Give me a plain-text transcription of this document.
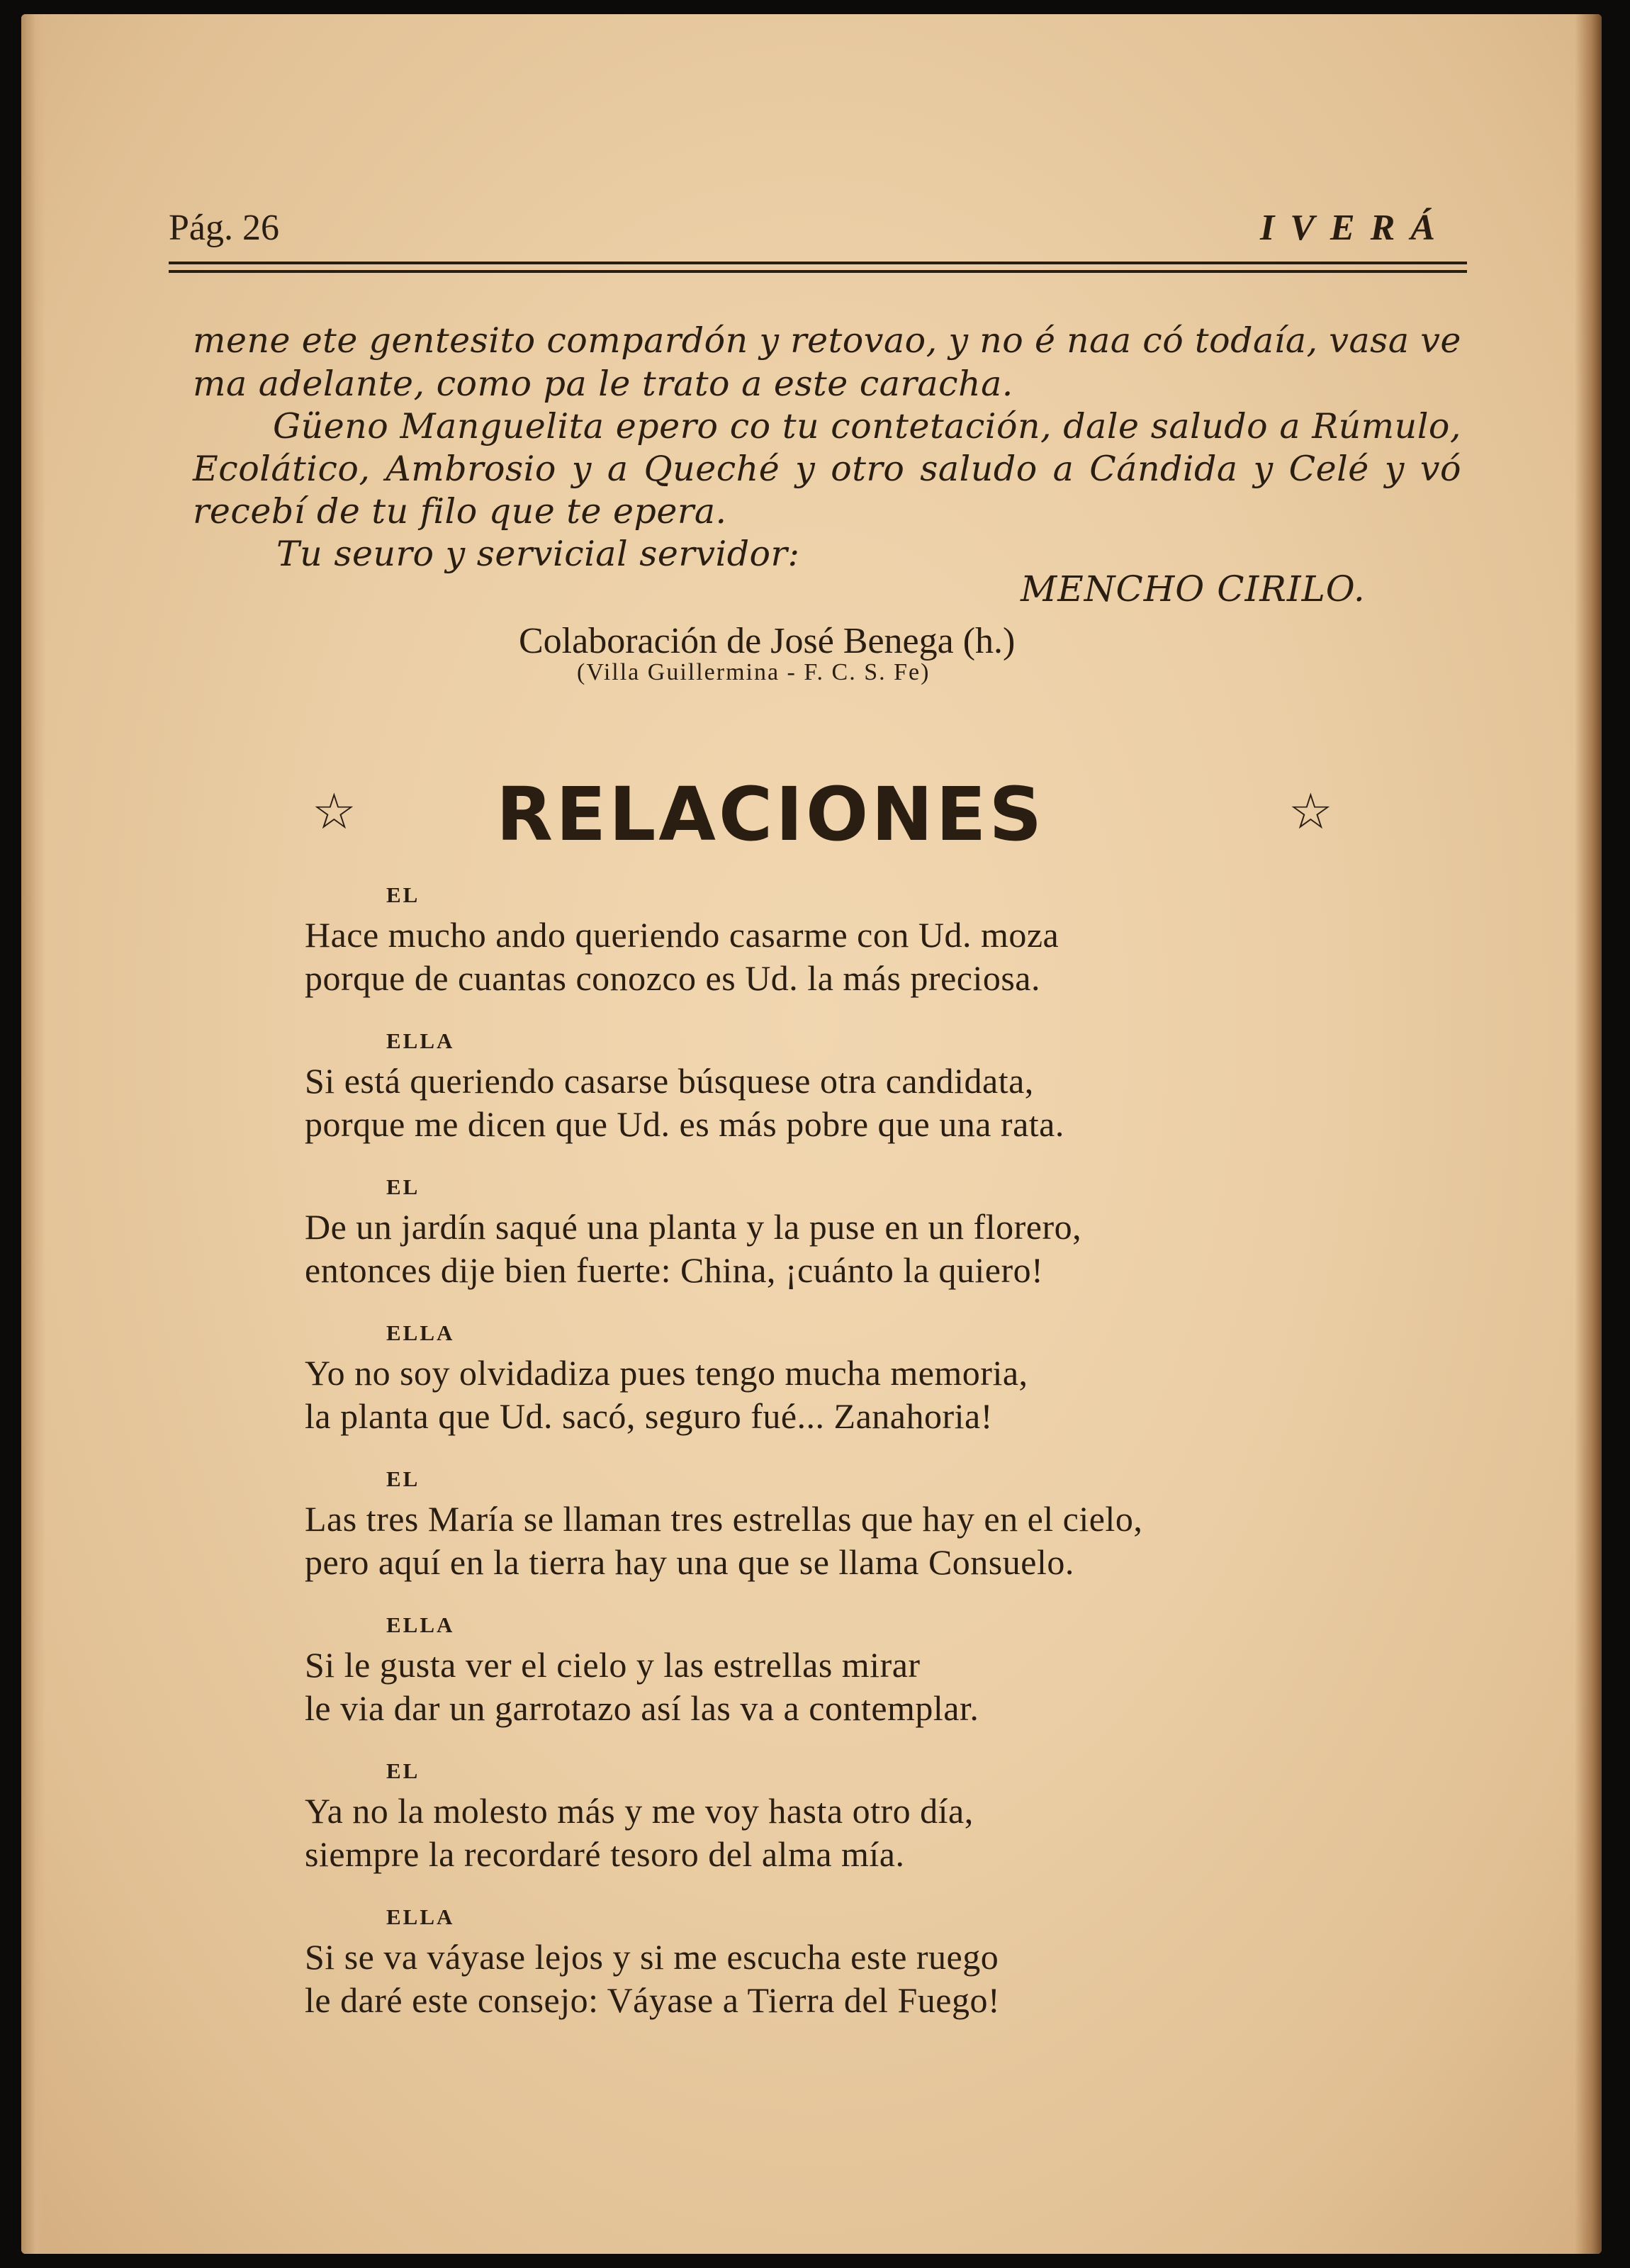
Pág. 26	IVERÁ
mene ete gentesito compardón y retovao, y no é naa có todaía, vasa ve
ma adelante, como pa le trato a este caracha.
Güeno Manguelita epero co tu contetación, dale saludo a Rúmulo,
Ecolático, Ambrosio y a Queché y otro saludo a Cándida y Celé y vó
recebí de tu filo que te epera.
Tu seuro y servicial servidor:
MENCHO CIRILO.
Colaboración de José Benega (h.)
(Villa Guillermina - F. C. S. Fe)
☆ RELACIONES	☆
EL
Hace mucho ando queriendo casarme con Ud. moza
porque de cuantas conozco es Ud. la más preciosa.
ELLA
Si está queriendo casarse búsquese otra candidata,
porque me dicen que Ud. es más pobre que una rata.
EL
De un jardín saqué una planta y la puse en un florero,
entonces dije bien fuerte: China, ¡cuánto la quiero!
ELLA
Yo no soy olvidadiza pues tengo mucha memoria,
la planta que Ud. sacó, seguro fué... Zanahoria!
EL
Las tres María se llaman tres estrellas que hay en el cielo,
pero aquí en la tierra hay una que se llama Consuelo.
ELLA
Si le gusta ver el cielo y las estrellas mirar
le via dar un garrotazo así las va a contemplar.
EL
Ya no la molesto más y me voy hasta otro día,
siempre la recordaré tesoro del alma mía.
ELLA
Si se va váyase lejos y si me escucha este ruego
le daré este consejo: Váyase a Tierra del Fuego!
